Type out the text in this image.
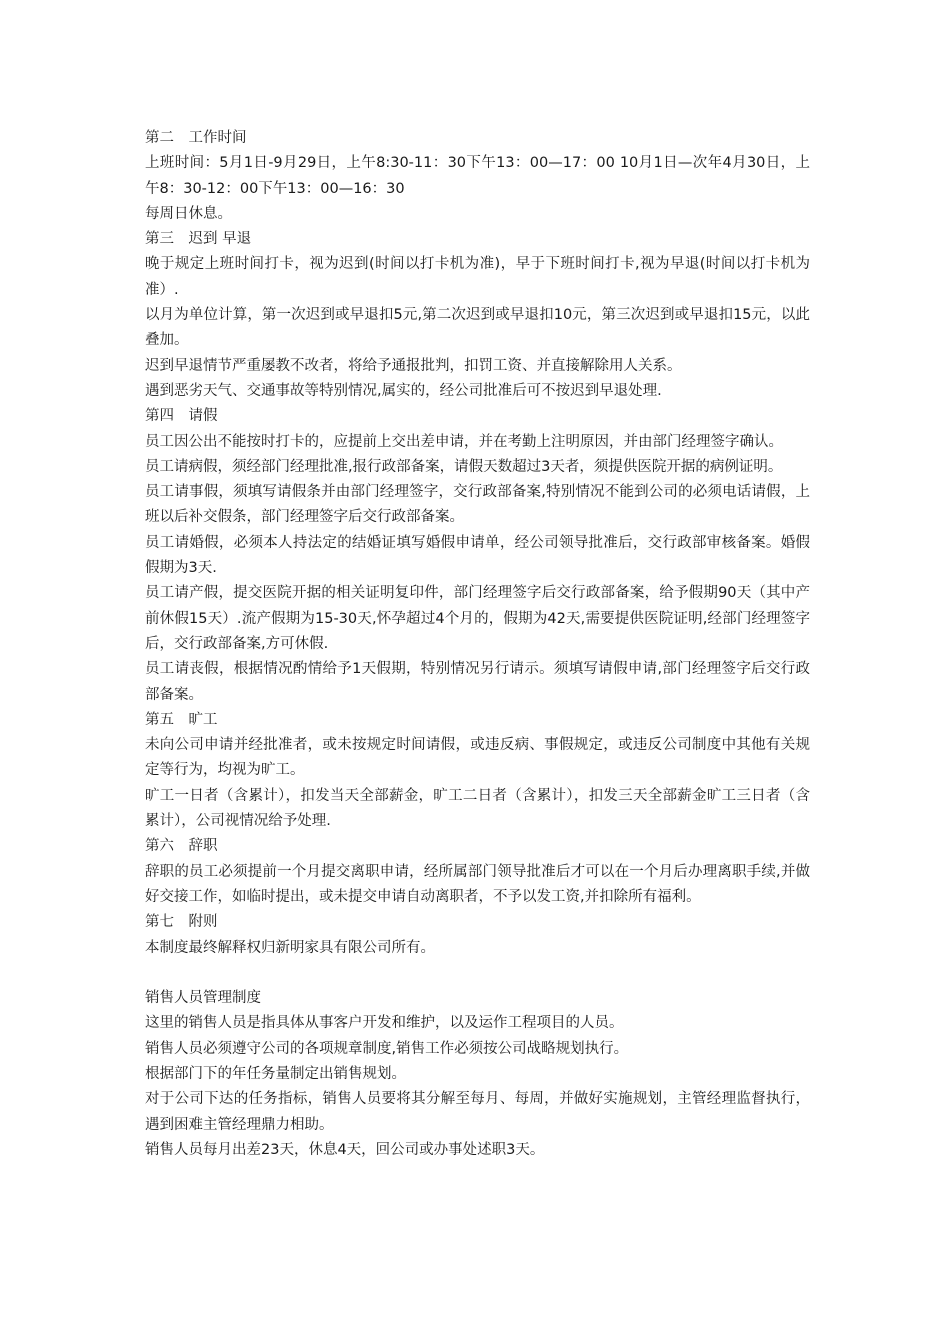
第二　工作时间

上班时间：5月1日-9月29日，上午8:30-11：30下午13：00—17：00 10月1日—次年4月30日，上午8：30-12：00下午13：00—16：30

每周日休息。

第三　迟到 早退

晚于规定上班时间打卡，视为迟到(时间以打卡机为准)，早于下班时间打卡,视为早退(时间以打卡机为准）.

以月为单位计算，第一次迟到或早退扣5元,第二次迟到或早退扣10元，第三次迟到或早退扣15元，以此叠加。

迟到早退情节严重屡教不改者，将给予通报批判，扣罚工资、并直接解除用人关系。

遇到恶劣天气、交通事故等特别情况,属实的，经公司批准后可不按迟到早退处理.

第四　请假

员工因公出不能按时打卡的，应提前上交出差申请，并在考勤上注明原因，并由部门经理签字确认。

员工请病假，须经部门经理批准,报行政部备案，请假天数超过3天者，须提供医院开据的病例证明。

员工请事假，须填写请假条并由部门经理签字，交行政部备案,特别情况不能到公司的必须电话请假，上班以后补交假条，部门经理签字后交行政部备案。

员工请婚假，必须本人持法定的结婚证填写婚假申请单，经公司领导批准后，交行政部审核备案。婚假假期为3天.

员工请产假，提交医院开据的相关证明复印件，部门经理签字后交行政部备案，给予假期90天（其中产前休假15天）.流产假期为15-30天,怀孕超过4个月的，假期为42天,需要提供医院证明,经部门经理签字后，交行政部备案,方可休假.

员工请丧假，根据情况酌情给予1天假期，特别情况另行请示。须填写请假申请,部门经理签字后交行政部备案。

第五　旷工

未向公司申请并经批准者，或未按规定时间请假，或违反病、事假规定，或违反公司制度中其他有关规定等行为，均视为旷工。

旷工一日者（含累计），扣发当天全部薪金，旷工二日者（含累计），扣发三天全部薪金旷工三日者（含累计），公司视情况给予处理.

第六　辞职

辞职的员工必须提前一个月提交离职申请，经所属部门领导批准后才可以在一个月后办理离职手续,并做好交接工作，如临时提出，或未提交申请自动离职者，不予以发工资,并扣除所有福利。

第七　附则

本制度最终解释权归新明家具有限公司所有。

销售人员管理制度

这里的销售人员是指具体从事客户开发和维护，以及运作工程项目的人员。

销售人员必须遵守公司的各项规章制度,销售工作必须按公司战略规划执行。

根据部门下的年任务量制定出销售规划。

对于公司下达的任务指标，销售人员要将其分解至每月、每周，并做好实施规划，主管经理监督执行，遇到困难主管经理鼎力相助。

销售人员每月出差23天，休息4天，回公司或办事处述职3天。
